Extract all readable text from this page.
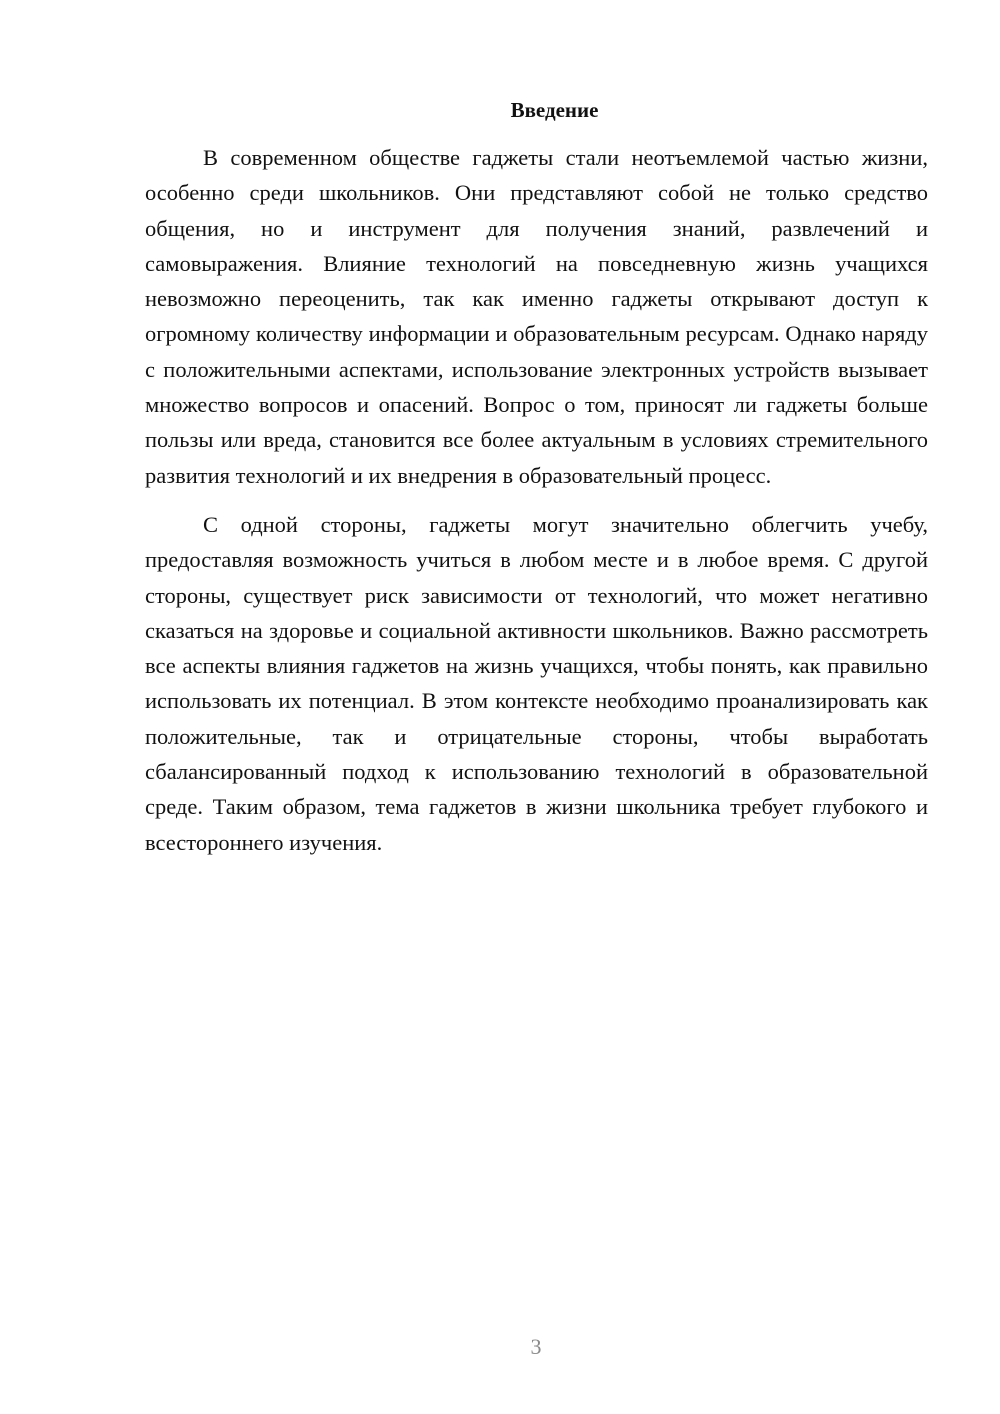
Введение

В современном обществе гаджеты стали неотъемлемой частью жизни, особенно среди школьников. Они представляют собой не только средство общения, но и инструмент для получения знаний, развлечений и самовыражения. Влияние технологий на повседневную жизнь учащихся невозможно переоценить, так как именно гаджеты открывают доступ к огромному количеству информации и образовательным ресурсам. Однако наряду с положительными аспектами, использование электронных устройств вызывает множество вопросов и опасений. Вопрос о том, приносят ли гаджеты больше пользы или вреда, становится все более актуальным в условиях стремительного развития технологий и их внедрения в образовательный процесс.

С одной стороны, гаджеты могут значительно облегчить учебу, предоставляя возможность учиться в любом месте и в любое время. С другой стороны, существует риск зависимости от технологий, что может негативно сказаться на здоровье и социальной активности школьников. Важно рассмотреть все аспекты влияния гаджетов на жизнь учащихся, чтобы понять, как правильно использовать их потенциал. В этом контексте необходимо проанализировать как положительные, так и отрицательные стороны, чтобы выработать сбалансированный подход к использованию технологий в образовательной среде. Таким образом, тема гаджетов в жизни школьника требует глубокого и всестороннего изучения.

3
